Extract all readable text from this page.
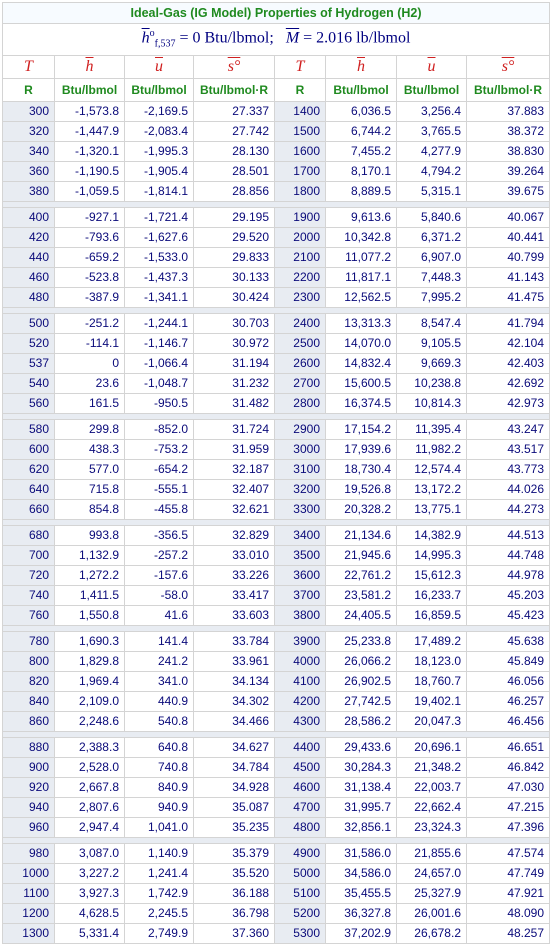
Ideal-Gas (IG Model) Properties of Hydrogen (H2)							
$\overline{h}^o_{f,537} = 0$ Btu/lbmol; $\overline{M} = 2.016$ lb/lbmol							
T	$\overline{h}$	$\overline{u}$	s°	T	$\overline{h}$	$\overline{u}$	s°
R	Btu/lbmol	Btu/lbmol	Btu/lbmol·R	R	Btu/lbmol	Btu/lbmol	Btu/lbmol·R
300	-1,573.8	-2,169.5	27.337	1400	6,036.5	3,256.4	37.883
320	-1,447.9	-2,083.4	27.742	1500	6,744.2	3,765.5	38.372
340	-1,320.1	-1,995.3	28.130	1600	7,455.2	4,277.9	38.830
360	-1,190.5	-1,905.4	28.501	1700	8,170.1	4,794.2	39.264
380	-1,059.5	-1,814.1	28.856	1800	8,889.5	5,315.1	39.675

400	-927.1	-1,721.4	29.195	1900	9,613.6	5,840.6	40.067
420	-793.6	-1,627.6	29.520	2000	10,342.8	6,371.2	40.441
440	-659.2	-1,533.0	29.833	2100	11,077.2	6,907.0	40.799
460	-523.8	-1,437.3	30.133	2200	11,817.1	7,448.3	41.143
480	-387.9	-1,341.1	30.424	2300	12,562.5	7,995.2	41.475

500	-251.2	-1,244.1	30.703	2400	13,313.3	8,547.4	41.794
520	-114.1	-1,146.7	30.972	2500	14,070.0	9,105.5	42.104
537	0	-1,066.4	31.194	2600	14,832.4	9,669.3	42.403
540	23.6	-1,048.7	31.232	2700	15,600.5	10,238.8	42.692
560	161.5	-950.5	31.482	2800	16,374.5	10,814.3	42.973

580	299.8	-852.0	31.724	2900	17,154.2	11,395.4	43.247
600	438.3	-753.2	31.959	3000	17,939.6	11,982.2	43.517
620	577.0	-654.2	32.187	3100	18,730.4	12,574.4	43.773
640	715.8	-555.1	32.407	3200	19,526.8	13,172.2	44.026
660	854.8	-455.8	32.621	3300	20,328.2	13,775.1	44.273

680	993.8	-356.5	32.829	3400	21,134.6	14,382.9	44.513
700	1,132.9	-257.2	33.010	3500	21,945.6	14,995.3	44.748
720	1,272.2	-157.6	33.226	3600	22,761.2	15,612.3	44.978
740	1,411.5	-58.0	33.417	3700	23,581.2	16,233.7	45.203
760	1,550.8	41.6	33.603	3800	24,405.5	16,859.5	45.423

780	1,690.3	141.4	33.784	3900	25,233.8	17,489.2	45.638
800	1,829.8	241.2	33.961	4000	26,066.2	18,123.0	45.849
820	1,969.4	341.0	34.134	4100	26,902.5	18,760.7	46.056
840	2,109.0	440.9	34.302	4200	27,742.5	19,402.1	46.257
860	2,248.6	540.8	34.466	4300	28,586.2	20,047.3	46.456

880	2,388.3	640.8	34.627	4400	29,433.6	20,696.1	46.651
900	2,528.0	740.8	34.784	4500	30,284.3	21,348.2	46.842
920	2,667.8	840.9	34.928	4600	31,138.4	22,003.7	47.030
940	2,807.6	940.9	35.087	4700	31,995.7	22,662.4	47.215
960	2,947.4	1,041.0	35.235	4800	32,856.1	23,324.3	47.396

980	3,087.0	1,140.9	35.379	4900	31,586.0	21,855.6	47.574
1000	3,227.2	1,241.4	35.520	5000	34,586.0	24,657.0	47.749
1100	3,927.3	1,742.9	36.188	5100	35,455.5	25,327.9	47.921
1200	4,628.5	2,245.5	36.798	5200	36,327.8	26,001.6	48.090
1300	5,331.4	2,749.9	37.360	5300	37,202.9	26,678.2	48.257
